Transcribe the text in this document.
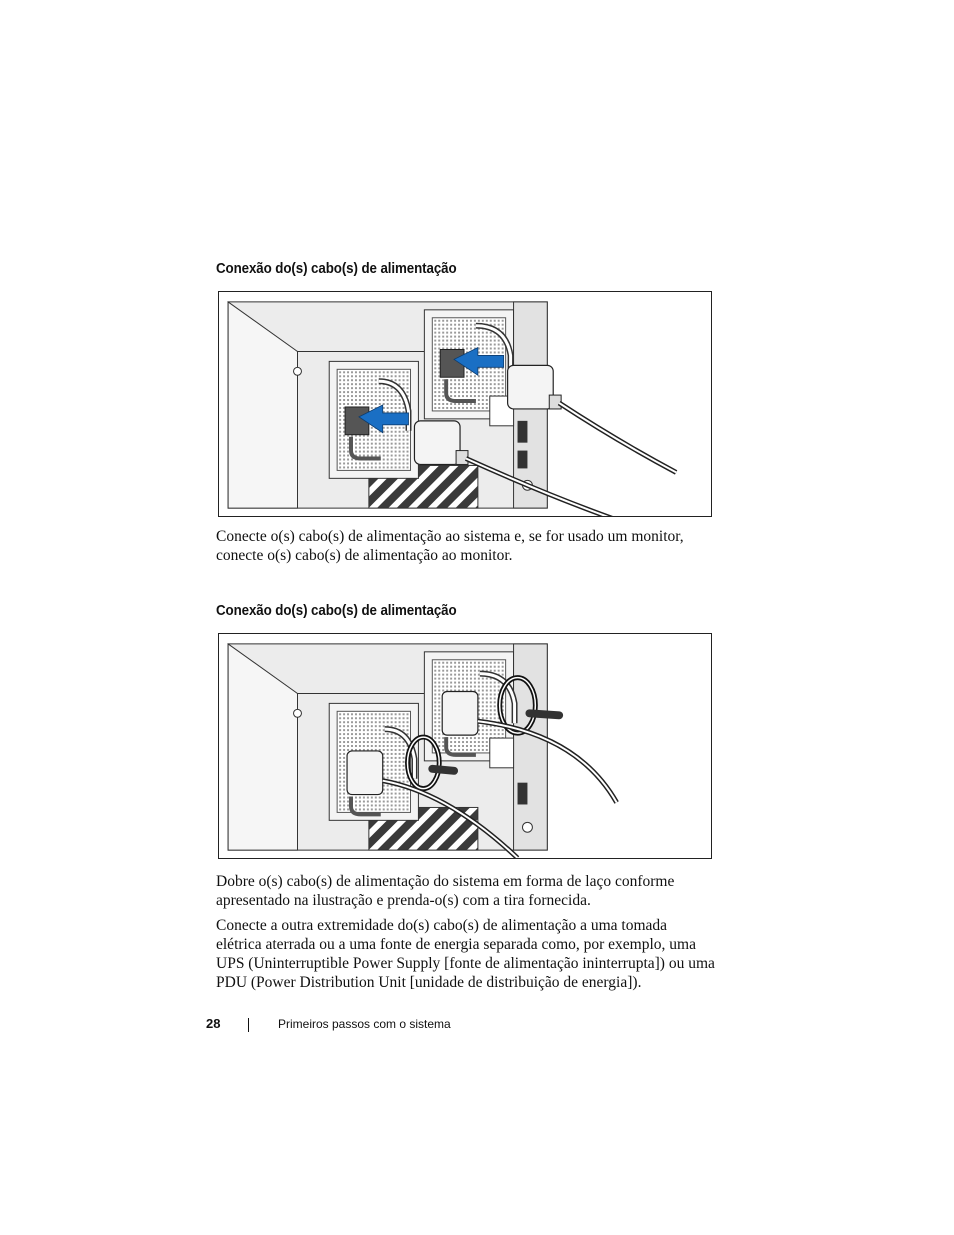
Conexão do(s) cabo(s) de alimentação
Conecte o(s) cabo(s) de alimentação ao sistema e, se for usado um monitor, conecte o(s) cabo(s) de alimentação ao monitor.
Conexão do(s) cabo(s) de alimentação
Dobre o(s) cabo(s) de alimentação do sistema em forma de laço conforme apresentado na ilustração e prenda-o(s) com a tira fornecida.
Conecte a outra extremidade do(s) cabo(s) de alimentação a uma tomada elétrica aterrada ou a uma fonte de energia separada como, por exemplo, uma UPS (Uninterruptible Power Supply [fonte de alimentação ininterrupta]) ou uma PDU (Power Distribution Unit [unidade de distribuição de energia]).
28	Primeiros passos com o sistema
